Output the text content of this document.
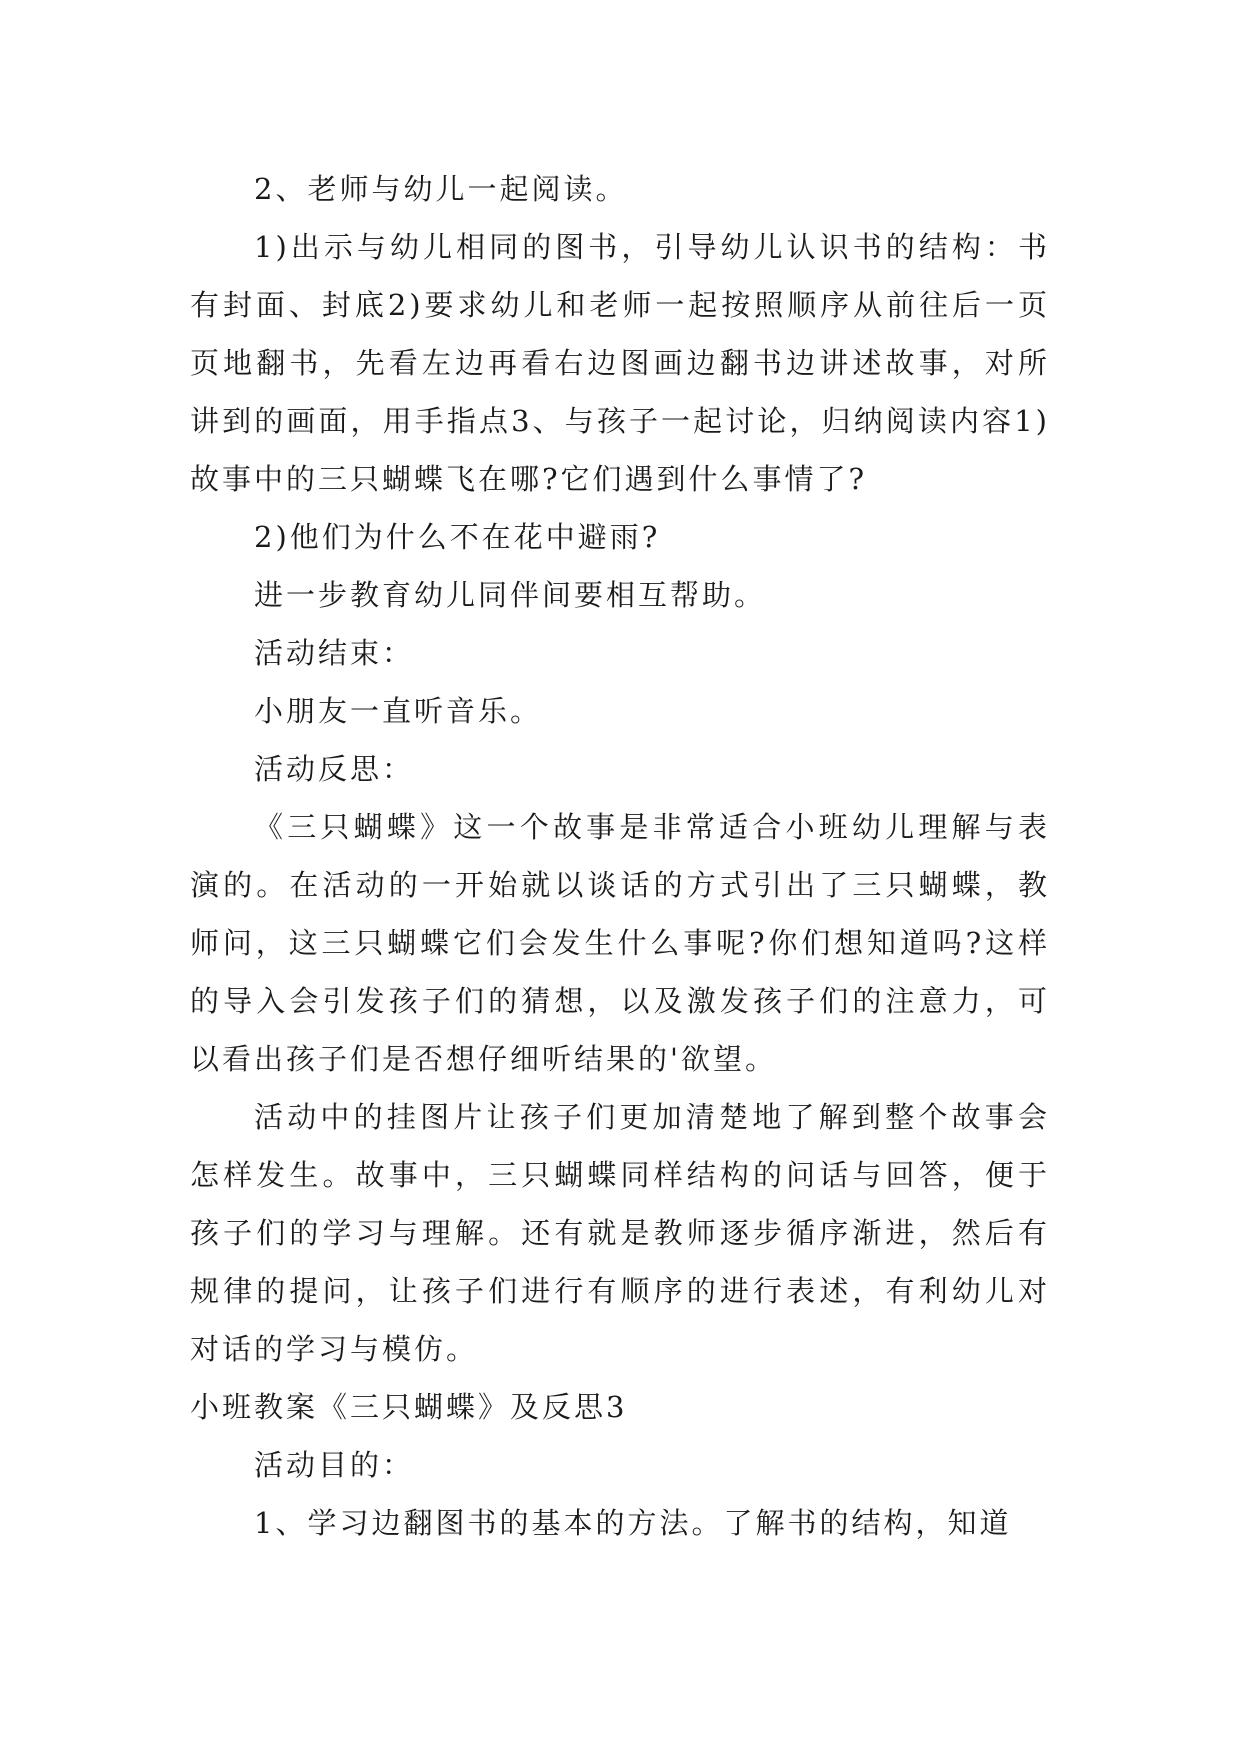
2、老师与幼儿一起阅读。

1)出示与幼儿相同的图书，引导幼儿认识书的结构：书有封面、封底2)要求幼儿和老师一起按照顺序从前往后一页页地翻书，先看左边再看右边图画边翻书边讲述故事，对所讲到的画面，用手指点3、与孩子一起讨论，归纳阅读内容1)故事中的三只蝴蝶飞在哪?它们遇到什么事情了?

2)他们为什么不在花中避雨?

进一步教育幼儿同伴间要相互帮助。

活动结束：

小朋友一直听音乐。

活动反思：

《三只蝴蝶》这一个故事是非常适合小班幼儿理解与表演的。在活动的一开始就以谈话的方式引出了三只蝴蝶，教师问，这三只蝴蝶它们会发生什么事呢?你们想知道吗?这样的导入会引发孩子们的猜想，以及激发孩子们的注意力，可以看出孩子们是否想仔细听结果的'欲望。

活动中的挂图片让孩子们更加清楚地了解到整个故事会怎样发生。故事中，三只蝴蝶同样结构的问话与回答，便于孩子们的学习与理解。还有就是教师逐步循序渐进，然后有规律的提问，让孩子们进行有顺序的进行表述，有利幼儿对对话的学习与模仿。

小班教案《三只蝴蝶》及反思3

活动目的：

1、学习边翻图书的基本的方法。了解书的结构，知道
